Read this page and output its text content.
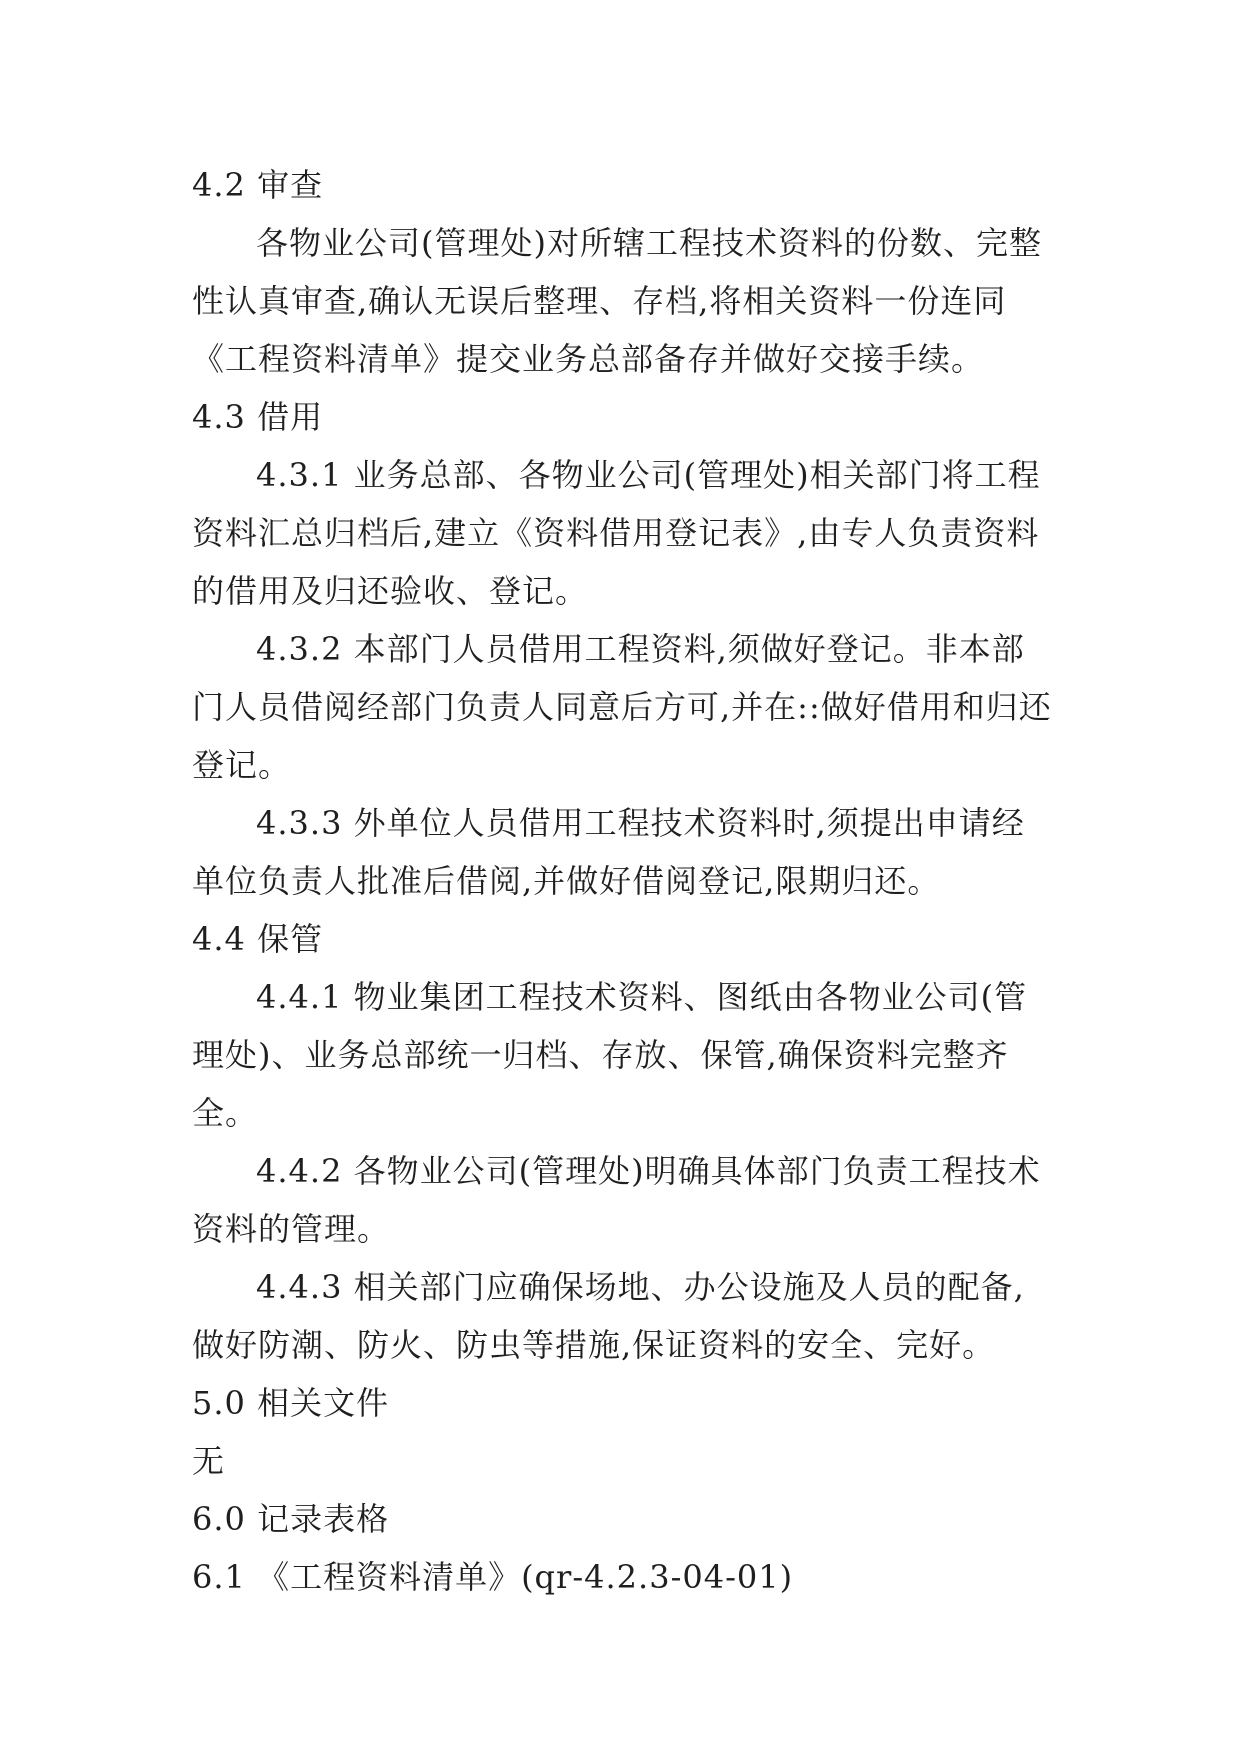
4.2 审查

各物业公司(管理处)对所辖工程技术资料的份数、完整性认真审查,确认无误后整理、存档,将相关资料一份连同《工程资料清单》提交业务总部备存并做好交接手续。

4.3 借用

4.3.1 业务总部、各物业公司(管理处)相关部门将工程资料汇总归档后,建立《资料借用登记表》,由专人负责资料的借用及归还验收、登记。

4.3.2 本部门人员借用工程资料,须做好登记。非本部门人员借阅经部门负责人同意后方可,并在::做好借用和归还登记。

4.3.3 外单位人员借用工程技术资料时,须提出申请经单位负责人批准后借阅,并做好借阅登记,限期归还。

4.4 保管

4.4.1 物业集团工程技术资料、图纸由各物业公司(管理处)、业务总部统一归档、存放、保管,确保资料完整齐全。

4.4.2 各物业公司(管理处)明确具体部门负责工程技术资料的管理。

4.4.3 相关部门应确保场地、办公设施及人员的配备,做好防潮、防火、防虫等措施,保证资料的安全、完好。

5.0 相关文件

无

6.0 记录表格

6.1 《工程资料清单》(qr-4.2.3-04-01)
